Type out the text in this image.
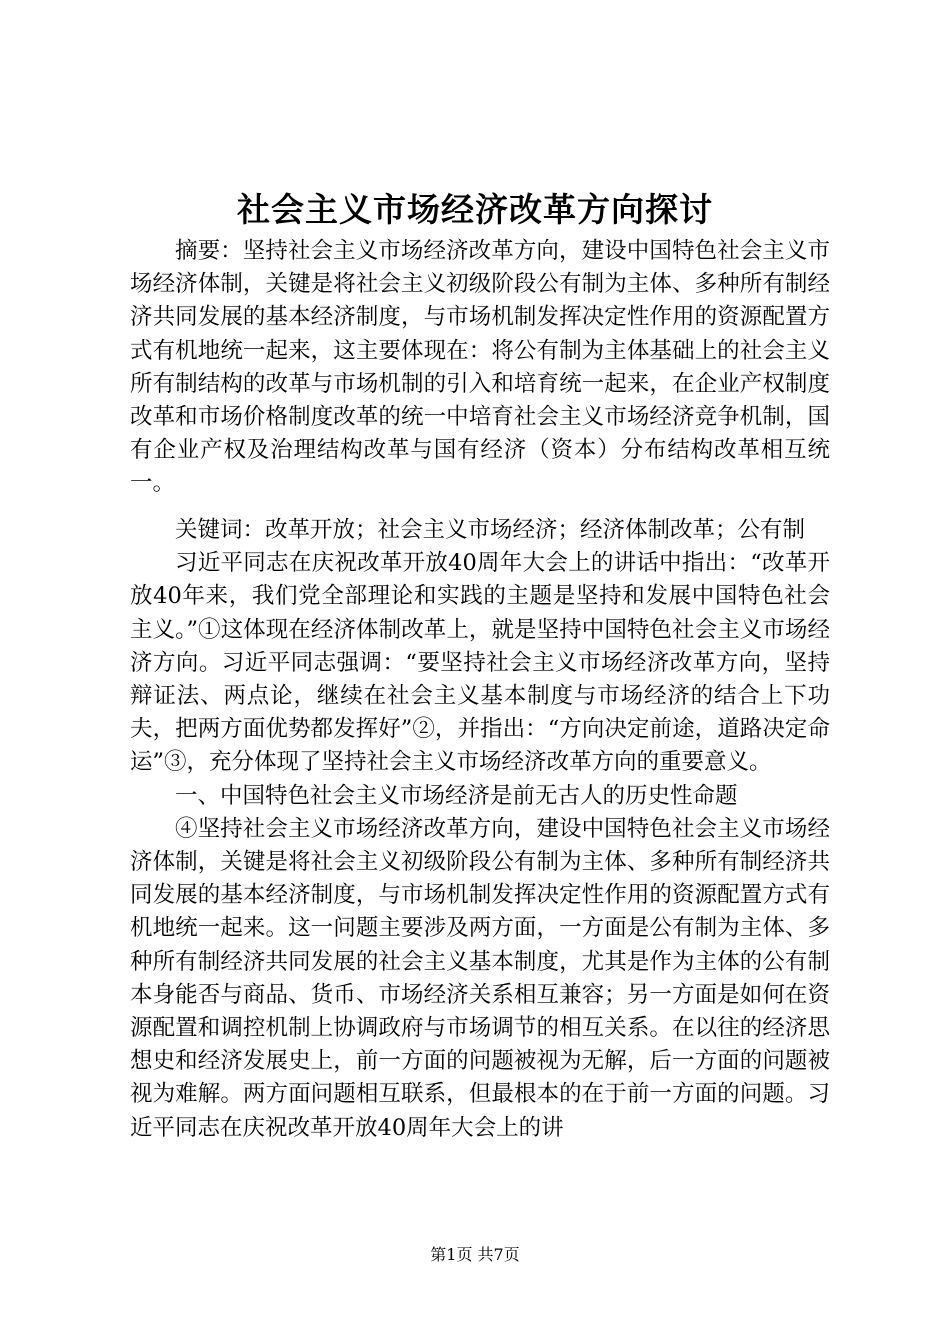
社会主义市场经济改革方向探讨

摘要：坚持社会主义市场经济改革方向，建设中国特色社会主义市场经济体制，关键是将社会主义初级阶段公有制为主体、多种所有制经济共同发展的基本经济制度，与市场机制发挥决定性作用的资源配置方式有机地统一起来，这主要体现在：将公有制为主体基础上的社会主义所有制结构的改革与市场机制的引入和培育统一起来，在企业产权制度改革和市场价格制度改革的统一中培育社会主义市场经济竞争机制，国有企业产权及治理结构改革与国有经济（资本）分布结构改革相互统一。

关键词：改革开放；社会主义市场经济；经济体制改革；公有制

习近平同志在庆祝改革开放40周年大会上的讲话中指出：“改革开放40年来，我们党全部理论和实践的主题是坚持和发展中国特色社会主义。”①这体现在经济体制改革上，就是坚持中国特色社会主义市场经济方向。习近平同志强调：“要坚持社会主义市场经济改革方向，坚持辩证法、两点论，继续在社会主义基本制度与市场经济的结合上下功夫，把两方面优势都发挥好”②，并指出：“方向决定前途，道路决定命运”③，充分体现了坚持社会主义市场经济改革方向的重要意义。

一、中国特色社会主义市场经济是前无古人的历史性命题

④坚持社会主义市场经济改革方向，建设中国特色社会主义市场经济体制，关键是将社会主义初级阶段公有制为主体、多种所有制经济共同发展的基本经济制度，与市场机制发挥决定性作用的资源配置方式有机地统一起来。这一问题主要涉及两方面，一方面是公有制为主体、多种所有制经济共同发展的社会主义基本制度，尤其是作为主体的公有制本身能否与商品、货币、市场经济关系相互兼容；另一方面是如何在资源配置和调控机制上协调政府与市场调节的相互关系。在以往的经济思想史和经济发展史上，前一方面的问题被视为无解，后一方面的问题被视为难解。两方面问题相互联系，但最根本的在于前一方面的问题。习近平同志在庆祝改革开放40周年大会上的讲

第1页 共7页
